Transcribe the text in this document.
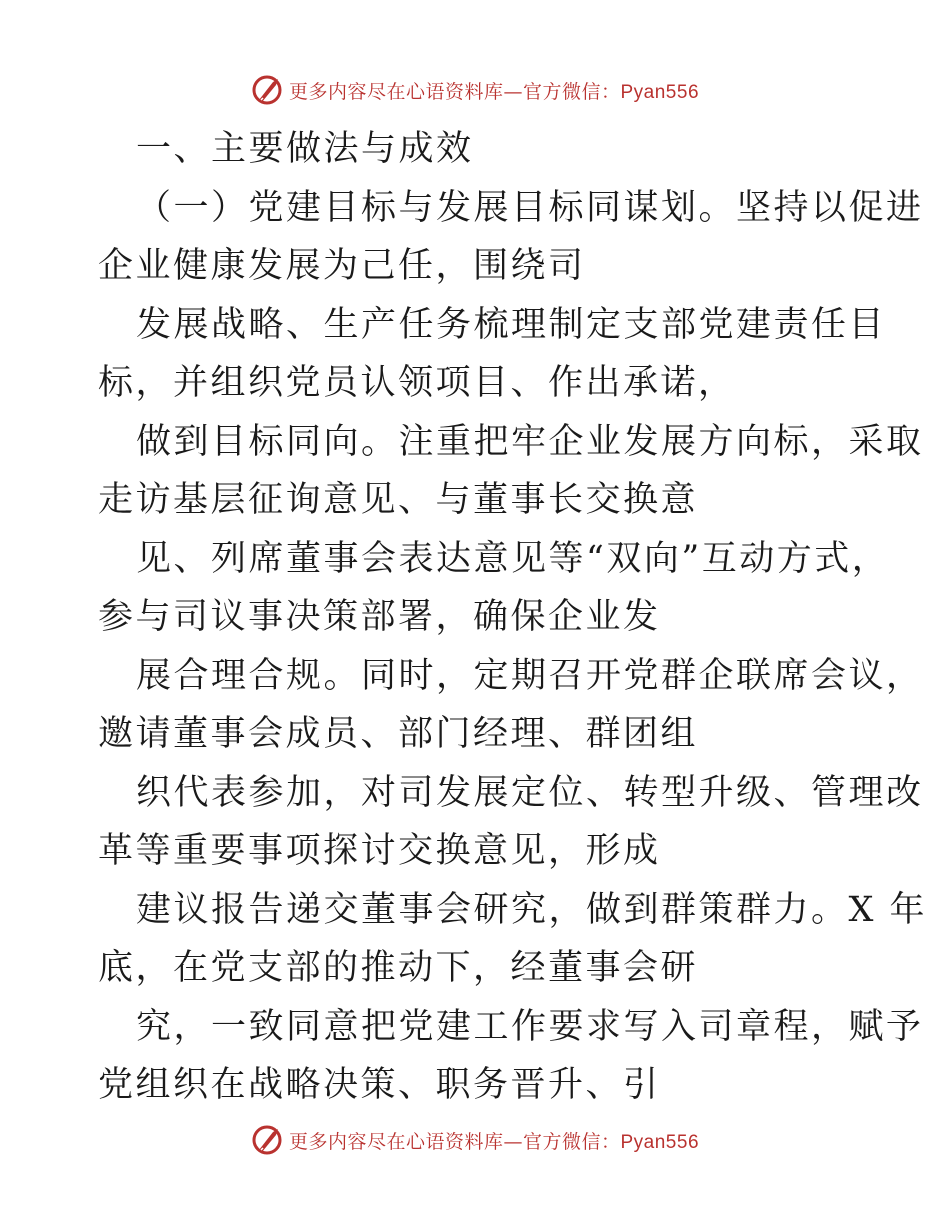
更多内容尽在心语资料库—官方微信：Pyan556
一、主要做法与成效
（一）党建目标与发展目标同谋划。坚持以促进
企业健康发展为己任，围绕司
发展战略、生产任务梳理制定支部党建责任目
标，并组织党员认领项目、作出承诺，
做到目标同向。注重把牢企业发展方向标，采取
走访基层征询意见、与董事长交换意
见、列席董事会表达意见等“双向”互动方式，
参与司议事决策部署，确保企业发
展合理合规。同时，定期召开党群企联席会议，
邀请董事会成员、部门经理、群团组
织代表参加，对司发展定位、转型升级、管理改
革等重要事项探讨交换意见，形成
建议报告递交董事会研究，做到群策群力。X 年
底，在党支部的推动下，经董事会研
究，一致同意把党建工作要求写入司章程，赋予
党组织在战略决策、职务晋升、引
更多内容尽在心语资料库—官方微信：Pyan556
